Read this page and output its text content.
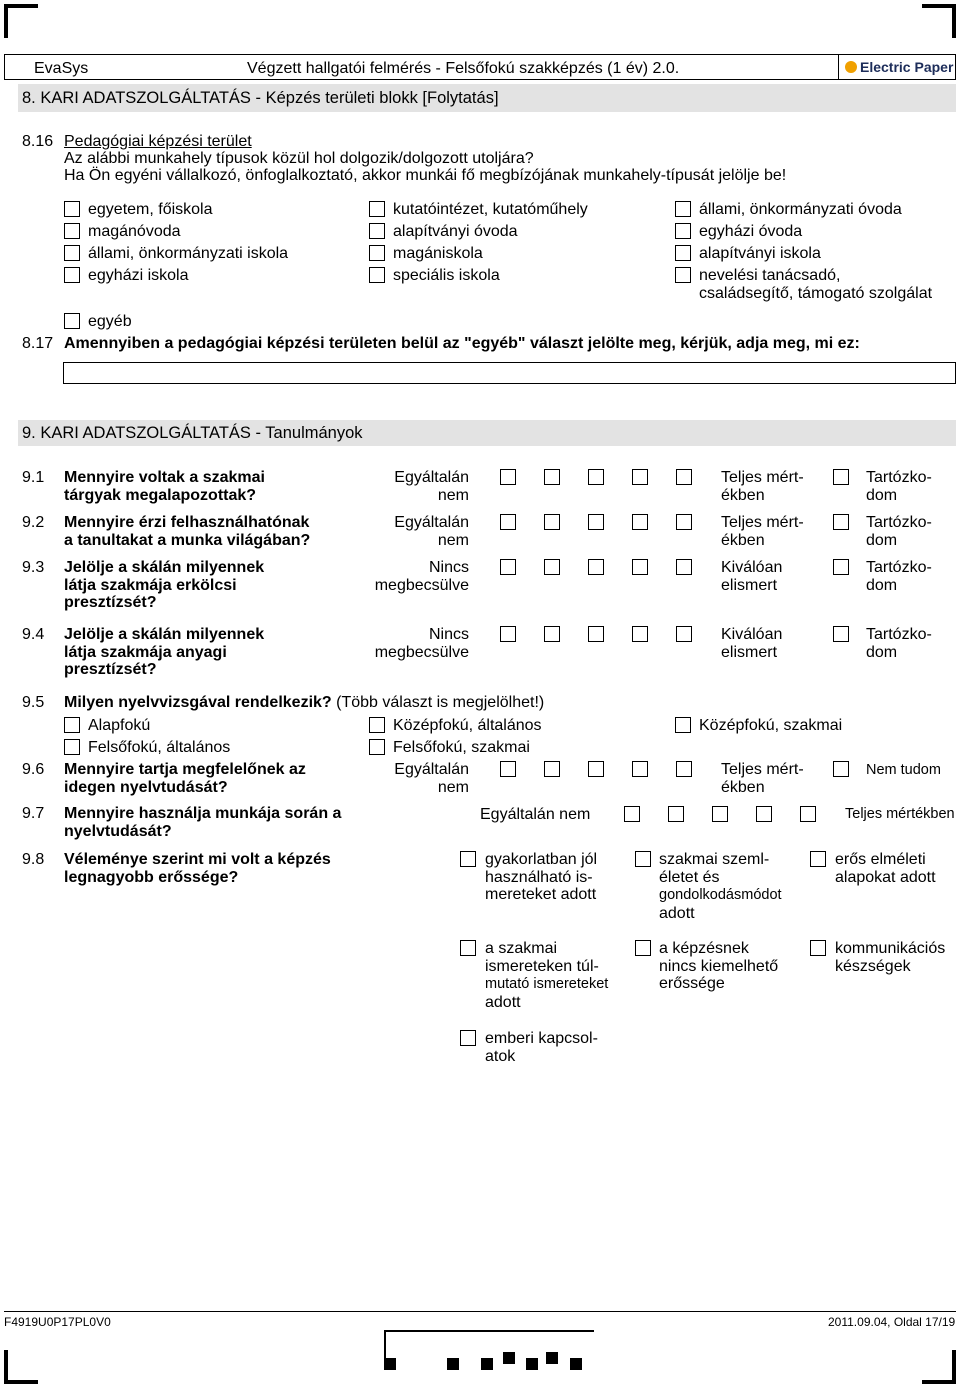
EvaSys	Végzett hallgatói felmérés - Felsőfokú szakképzés (1 év) 2.0.	Electric Paper
8. KARI ADATSZOLGÁLTATÁS - Képzés területi blokk [Folytatás]
8.16 Pedagógiai képzési terület
Az alábbi munkahely típusok közül hol dolgozik/dolgozott utoljára?
Ha Ön egyéni vállalkozó, önfoglalkoztató, akkor munkái fő megbízójának munkahely-típusát jelölje be!
egyetem, főiskola	kutatóintézet, kutatóműhely	állami, önkormányzati óvoda
magánóvoda	alapítványi óvoda	egyházi óvoda
állami, önkormányzati iskola	magániskola	alapítványi iskola
egyházi iskola	speciális iskola	nevelési tanácsadó,
családsegítő, támogató szolgálat
egyéb
8.17 Amennyiben a pedagógiai képzési területen belül az "egyéb" választ jelölte meg, kérjük, adja meg, mi ez:
9. KARI ADATSZOLGÁLTATÁS - Tanulmányok
9.1 Mennyire voltak a szakmai
tárgyak megalapozottak?
Egyáltalán
nem
Teljes mért-
ékben
Tartózko-
dom
9.2 Mennyire érzi felhasználhatónak
a tanultakat a munka világában?
Egyáltalán
nem
Teljes mért-
ékben
Tartózko-
dom
9.3 Jelölje a skálán milyennek
látja szakmája erkölcsi
presztízsét?
Nincs
megbecsülve
Kiválóan
elismert
Tartózko-
dom
9.4 Jelölje a skálán milyennek
látja szakmája anyagi
presztízsét?
Nincs
megbecsülve
Kiválóan
elismert
Tartózko-
dom
9.5 Milyen nyelvvizsgával rendelkezik? (Több választ is megjelölhet!)
Alapfokú	Középfokú, általános	Középfokú, szakmai
Felsőfokú, általános	Felsőfokú, szakmai
9.6 Mennyire tartja megfelelőnek az
idegen nyelvtudását?
Egyáltalán
nem
Teljes mért-
ékben
Nem tudom
9.7 Mennyire használja munkája során a
nyelvtudását?
Egyáltalán nem	Teljes mértékben
9.8 Véleménye szerint mi volt a képzés
legnagyobb erőssége?
gyakorlatban jól
használható is-
mereteket adott
szakmai szeml-
életet és
gondolkodásmódot
adott
erős elméleti
alapokat adott
a szakmai
ismereteken túl-
mutató ismereteket
adott
a képzésnek
nincs kiemelhető
erőssége
kommunikációs
készségek
emberi kapcsol-
atok
F4919U0P17PL0V0	2011.09.04, Oldal 17/19
